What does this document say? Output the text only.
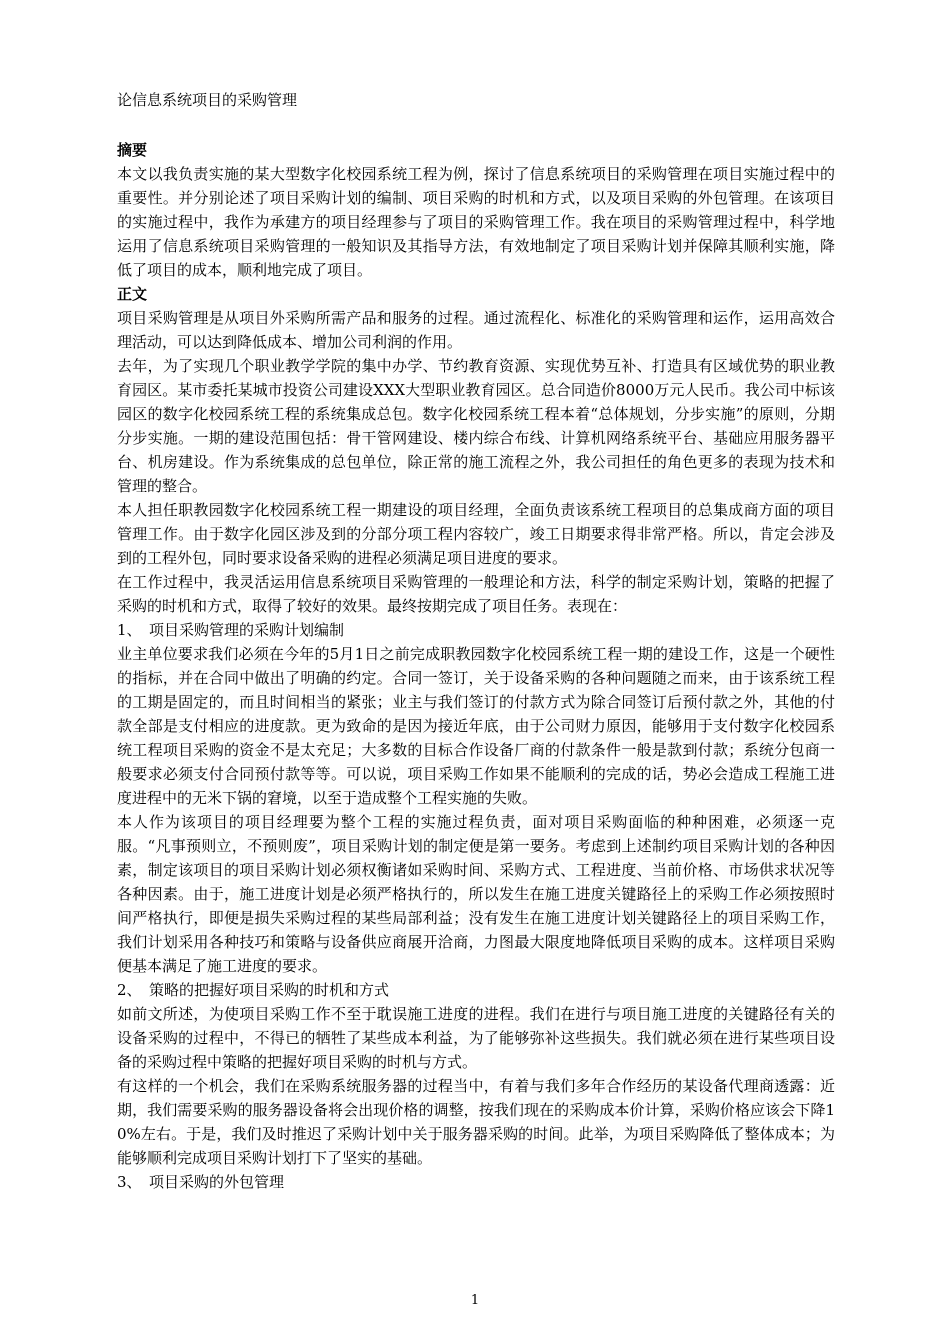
论信息系统项目的采购管理

摘要

本文以我负责实施的某大型数字化校园系统工程为例，探讨了信息系统项目的采购管理在项目实施过程中的重要性。并分别论述了项目采购计划的编制、项目采购的时机和方式，以及项目采购的外包管理。在该项目的实施过程中，我作为承建方的项目经理参与了项目的采购管理工作。我在项目的采购管理过程中，科学地运用了信息系统项目采购管理的一般知识及其指导方法，有效地制定了项目采购计划并保障其顺利实施，降低了项目的成本，顺利地完成了项目。

正文

项目采购管理是从项目外采购所需产品和服务的过程。通过流程化、标准化的采购管理和运作，运用高效合理活动，可以达到降低成本、增加公司利润的作用。

去年，为了实现几个职业教学学院的集中办学、节约教育资源、实现优势互补、打造具有区域优势的职业教育园区。某市委托某城市投资公司建设XXX大型职业教育园区。总合同造价8000万元人民币。我公司中标该园区的数字化校园系统工程的系统集成总包。数字化校园系统工程本着“总体规划，分步实施”的原则，分期分步实施。一期的建设范围包括：骨干管网建设、楼内综合布线、计算机网络系统平台、基础应用服务器平台、机房建设。作为系统集成的总包单位，除正常的施工流程之外，我公司担任的角色更多的表现为技术和管理的整合。

本人担任职教园数字化校园系统工程一期建设的项目经理，全面负责该系统工程项目的总集成商方面的项目管理工作。由于数字化园区涉及到的分部分项工程内容较广，竣工日期要求得非常严格。所以，肯定会涉及到的工程外包，同时要求设备采购的进程必须满足项目进度的要求。

在工作过程中，我灵活运用信息系统项目采购管理的一般理论和方法，科学的制定采购计划，策略的把握了采购的时机和方式，取得了较好的效果。最终按期完成了项目任务。表现在：

1、 项目采购管理的采购计划编制

业主单位要求我们必须在今年的5月1日之前完成职教园数字化校园系统工程一期的建设工作，这是一个硬性的指标，并在合同中做出了明确的约定。合同一签订，关于设备采购的各种问题随之而来，由于该系统工程的工期是固定的，而且时间相当的紧张；业主与我们签订的付款方式为除合同签订后预付款之外，其他的付款全部是支付相应的进度款。更为致命的是因为接近年底，由于公司财力原因，能够用于支付数字化校园系统工程项目采购的资金不是太充足；大多数的目标合作设备厂商的付款条件一般是款到付款；系统分包商一般要求必须支付合同预付款等等。可以说，项目采购工作如果不能顺利的完成的话，势必会造成工程施工进度进程中的无米下锅的窘境，以至于造成整个工程实施的失败。

本人作为该项目的项目经理要为整个工程的实施过程负责，面对项目采购面临的种种困难，必须逐一克服。“凡事预则立，不预则废”，项目采购计划的制定便是第一要务。考虑到上述制约项目采购计划的各种因素，制定该项目的项目采购计划必须权衡诸如采购时间、采购方式、工程进度、当前价格、市场供求状况等各种因素。由于，施工进度计划是必须严格执行的，所以发生在施工进度关键路径上的采购工作必须按照时间严格执行，即便是损失采购过程的某些局部利益；没有发生在施工进度计划关键路径上的项目采购工作，我们计划采用各种技巧和策略与设备供应商展开洽商，力图最大限度地降低项目采购的成本。这样项目采购便基本满足了施工进度的要求。

2、 策略的把握好项目采购的时机和方式

如前文所述，为使项目采购工作不至于耽误施工进度的进程。我们在进行与项目施工进度的关键路径有关的设备采购的过程中，不得已的牺牲了某些成本利益，为了能够弥补这些损失。我们就必须在进行某些项目设备的采购过程中策略的把握好项目采购的时机与方式。

有这样的一个机会，我们在采购系统服务器的过程当中，有着与我们多年合作经历的某设备代理商透露：近期，我们需要采购的服务器设备将会出现价格的调整，按我们现在的采购成本价计算，采购价格应该会下降10%左右。于是，我们及时推迟了采购计划中关于服务器采购的时间。此举，为项目采购降低了整体成本；为能够顺利完成项目采购计划打下了坚实的基础。

3、 项目采购的外包管理

1
